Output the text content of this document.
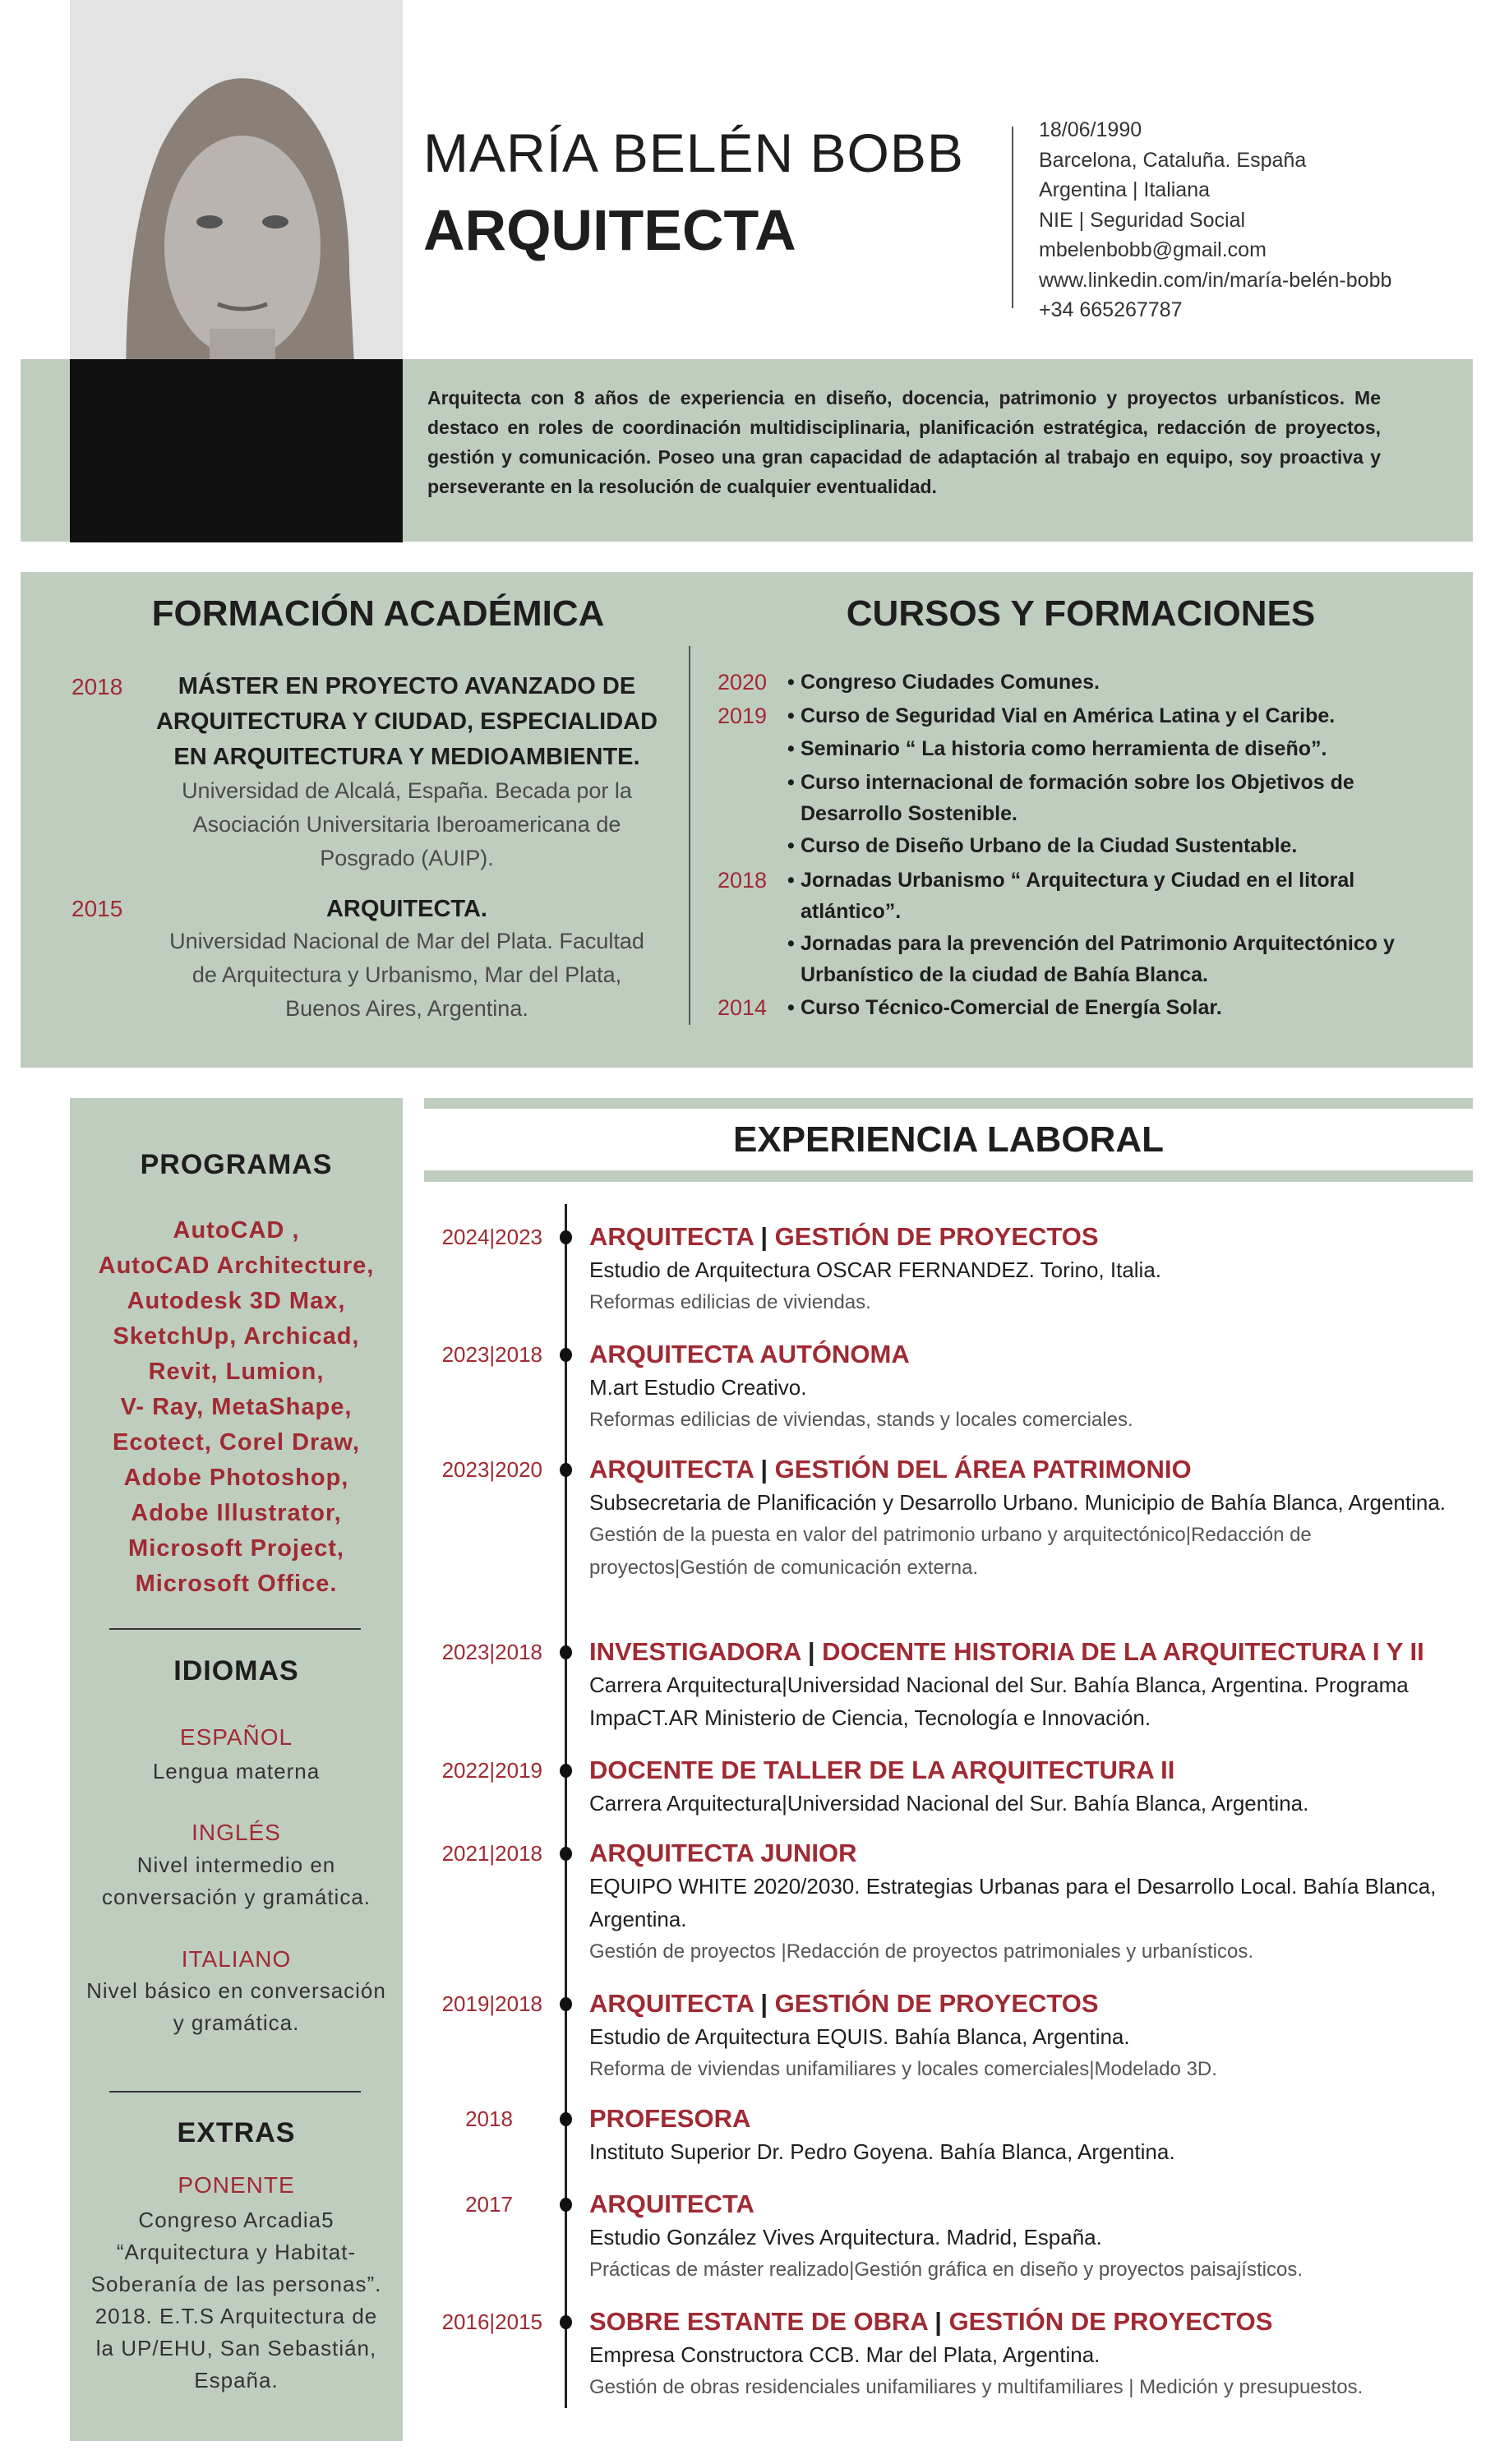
MARÍA BELÉN BOBB
ARQUITECTA
18/06/1990
Barcelona, Cataluña. España
Argentina | Italiana
NIE | Seguridad Social
mbelenbobb@gmail.com
www.linkedin.com/in/maría-belén-bobb
+34 665267787

Arquitecta con 8 años de experiencia en diseño, docencia, patrimonio y proyectos urbanísticos. Me destaco en roles de coordinación multidisciplinaria, planificación estratégica, redacción de proyectos, gestión y comunicación. Poseo una gran capacidad de adaptación al trabajo en equipo, soy proactiva y perseverante en la resolución de cualquier eventualidad.

FORMACIÓN ACADÉMICA	CURSOS Y FORMACIONES
2018	MÁSTER EN PROYECTO AVANZADO DE ARQUITECTURA Y CIUDAD, ESPECIALIDAD EN ARQUITECTURA Y MEDIOAMBIENTE.
Universidad de Alcalá, España. Becada por la Asociación Universitaria Iberoamericana de Posgrado (AUIP).
2015	ARQUITECTA.
Universidad Nacional de Mar del Plata. Facultad de Arquitectura y Urbanismo, Mar del Plata, Buenos Aires, Argentina.
2020 • Congreso Ciudades Comunes.
2019 • Curso de Seguridad Vial en América Latina y el Caribe.
• Seminario “ La historia como herramienta de diseño”.
• Curso internacional de formación sobre los Objetivos de Desarrollo Sostenible.
• Curso de Diseño Urbano de la Ciudad Sustentable.
2018 • Jornadas Urbanismo “ Arquitectura y Ciudad en el litoral atlántico”.
• Jornadas para la prevención del Patrimonio Arquitectónico y Urbanístico de la ciudad de Bahía Blanca.
2014 • Curso Técnico-Comercial de Energía Solar.
PROGRAMAS
AutoCAD ,
AutoCAD Architecture,
Autodesk 3D Max,
SketchUp, Archicad,
Revit, Lumion,
V- Ray, MetaShape,
Ecotect, Corel Draw,
Adobe Photoshop,
Adobe Illustrator,
Microsoft Project,
Microsoft Office.
IDIOMAS
ESPAÑOL
Lengua materna
INGLÉS
Nivel intermedio en conversación y gramática.
ITALIANO
Nivel básico en conversación y gramática.
EXTRAS
PONENTE
Congreso Arcadia5 “Arquitectura y Habitat-Soberanía de las personas”. 2018. E.T.S Arquitectura de la UP/EHU, San Sebastián, España.
EXPERIENCIA LABORAL
2024|2023 ARQUITECTA | GESTIÓN DE PROYECTOS
Estudio de Arquitectura OSCAR FERNANDEZ. Torino, Italia.
Reformas edilicias de viviendas.
2023|2018 ARQUITECTA AUTÓNOMA
M.art Estudio Creativo.
Reformas edilicias de viviendas, stands y locales comerciales.
2023|2020 ARQUITECTA | GESTIÓN DEL ÁREA PATRIMONIO
Subsecretaria de Planificación y Desarrollo Urbano. Municipio de Bahía Blanca, Argentina.
Gestión de la puesta en valor del patrimonio urbano y arquitectónico|Redacción de proyectos|Gestión de comunicación externa.
2023|2018 INVESTIGADORA | DOCENTE HISTORIA DE LA ARQUITECTURA I Y II
Carrera Arquitectura|Universidad Nacional del Sur. Bahía Blanca, Argentina. Programa ImpaCT.AR Ministerio de Ciencia, Tecnología e Innovación.
2022|2019 DOCENTE DE TALLER DE LA ARQUITECTURA II
Carrera Arquitectura|Universidad Nacional del Sur. Bahía Blanca, Argentina.
2021|2018 ARQUITECTA JUNIOR
EQUIPO WHITE 2020/2030. Estrategias Urbanas para el Desarrollo Local. Bahía Blanca, Argentina.
Gestión de proyectos |Redacción de proyectos patrimoniales y urbanísticos.
2019|2018 ARQUITECTA | GESTIÓN DE PROYECTOS
Estudio de Arquitectura EQUIS. Bahía Blanca, Argentina.
Reforma de viviendas unifamiliares y locales comerciales|Modelado 3D.
2018	PROFESORA
Instituto Superior Dr. Pedro Goyena. Bahía Blanca, Argentina.
2017	ARQUITECTA
Estudio González Vives Arquitectura. Madrid, España.
Prácticas de máster realizado|Gestión gráfica en diseño y proyectos paisajísticos.
2016|2015 SOBRE ESTANTE DE OBRA | GESTIÓN DE PROYECTOS
Empresa Constructora CCB. Mar del Plata, Argentina.
Gestión de obras residenciales unifamiliares y multifamiliares | Medición y presupuestos.
